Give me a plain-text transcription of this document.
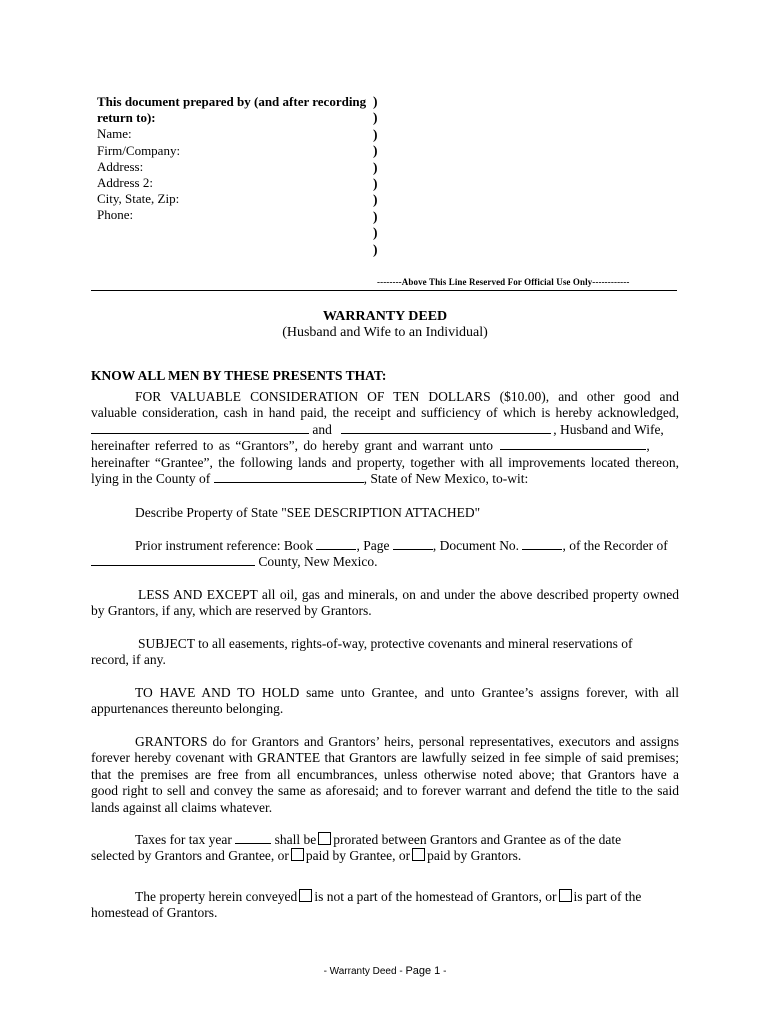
This document prepared by (and after recording
return to):
Name:
Firm/Company:
Address:
Address 2:
City, State, Zip:
Phone:
)
)
)
)
)
)
)
)
)
)
--------Above This Line Reserved For Official Use Only------------
WARRANTY DEED
(Husband and Wife to an Individual)
KNOW ALL MEN BY THESE PRESENTS THAT:
FOR VALUABLE CONSIDERATION OF TEN DOLLARS ($10.00), and other good and
valuable consideration, cash in hand paid, the receipt and sufficiency of which is hereby acknowledged,
and	, Husband and Wife,
hereinafter referred to as “Grantors”, do hereby grant and warrant unto	,
hereinafter “Grantee”, the following lands and property, together with all improvements located thereon,
lying in the County of	, State of New Mexico, to-wit:
Describe Property of State "SEE DESCRIPTION ATTACHED"
Prior instrument reference: Book	, Page	, Document No.	, of the Recorder of
County, New Mexico.
LESS AND EXCEPT all oil, gas and minerals, on and under the above described property owned
by Grantors, if any, which are reserved by Grantors.
SUBJECT to all easements, rights-of-way, protective covenants and mineral reservations of
record, if any.
TO HAVE AND TO HOLD same unto Grantee, and unto Grantee’s assigns forever, with all
appurtenances thereunto belonging.
GRANTORS do for Grantors and Grantors’ heirs, personal representatives, executors and assigns
forever hereby covenant with GRANTEE that Grantors are lawfully seized in fee simple of said premises;
that the premises are free from all encumbrances, unless otherwise noted above; that Grantors have a
good right to sell and convey the same as aforesaid; and to forever warrant and defend the title to the said
lands against all claims whatever.
Taxes for tax year	shall be prorated between Grantors and Grantee as of the date
selected by Grantors and Grantee, or paid by Grantee, or paid by Grantors.
The property herein conveyed is not a part of the homestead of Grantors, or is part of the
homestead of Grantors.
- Warranty Deed - Page 1 -
